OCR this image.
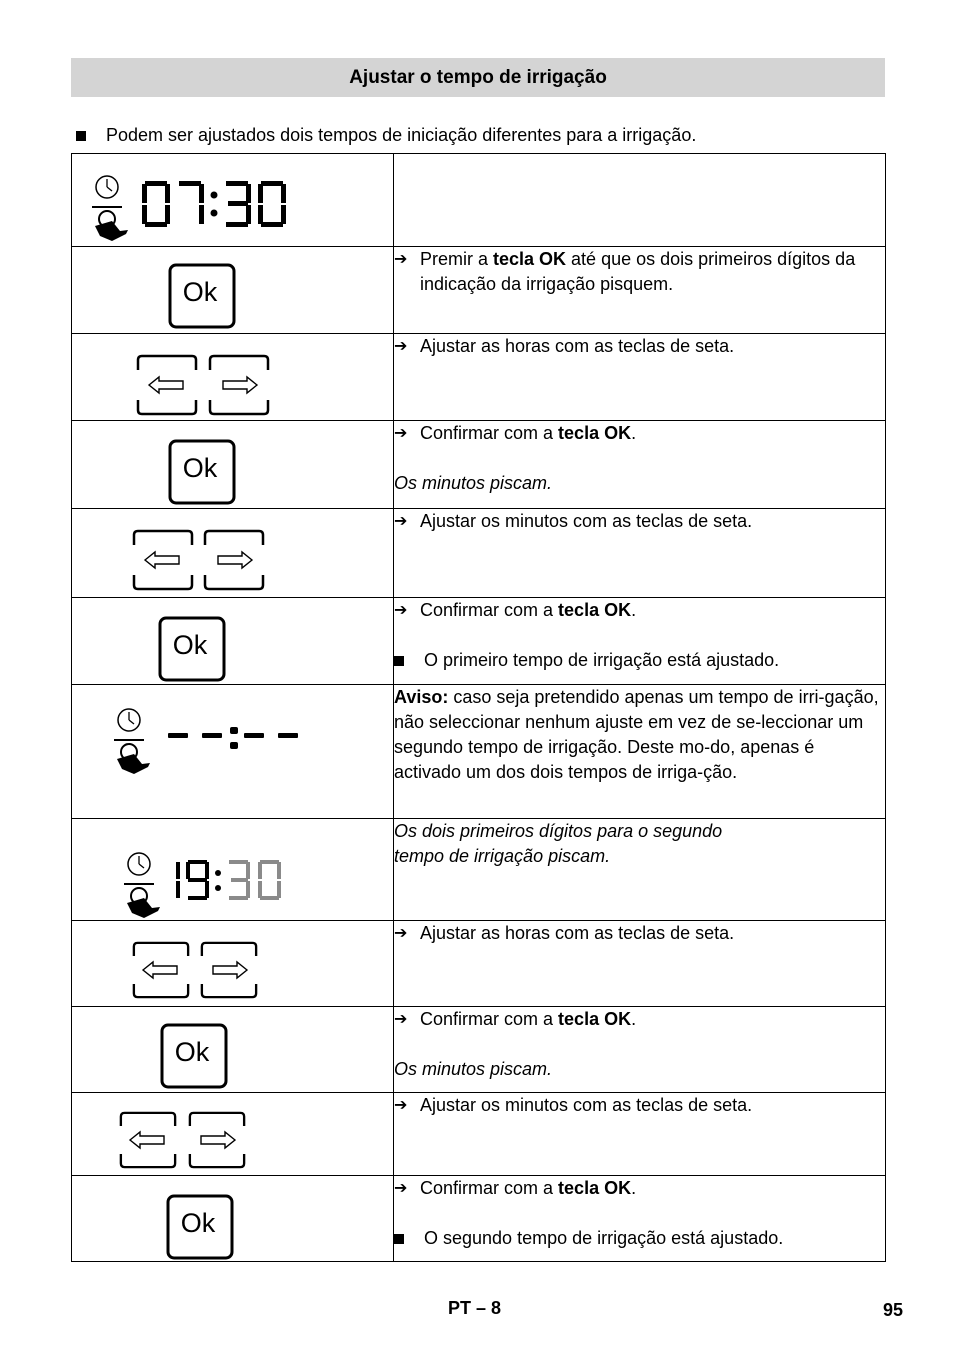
Ajustar o tempo de irrigação
Podem ser ajustados dois tempos de iniciação diferentes para a irrigação.

Ok	➔ Premir a tecla OK até que os dois primeiros dígitos da indicação da irrigação pisquem.

➔ Ajustar as horas com as teclas de seta.

Ok	➔ Confirmar com a tecla OK.
Os minutos piscam.

➔ Ajustar os minutos com as teclas de seta.

Ok	➔ Confirmar com a tecla OK.
O primeiro tempo de irrigação está ajustado.

Aviso: caso seja pretendido apenas um tempo de irri-gação, não seleccionar nenhum ajuste em vez de se-leccionar um segundo tempo de irrigação. Deste mo-do, apenas é activado um dos dois tempos de irriga-ção.

Os dois primeiros dígitos para o segundo
tempo de irrigação piscam.

➔ Ajustar as horas com as teclas de seta.

Ok	➔ Confirmar com a tecla OK.
Os minutos piscam.

➔ Ajustar os minutos com as teclas de seta.

Ok	➔ Confirmar com a tecla OK.
O segundo tempo de irrigação está ajustado.
PT – 8	95
